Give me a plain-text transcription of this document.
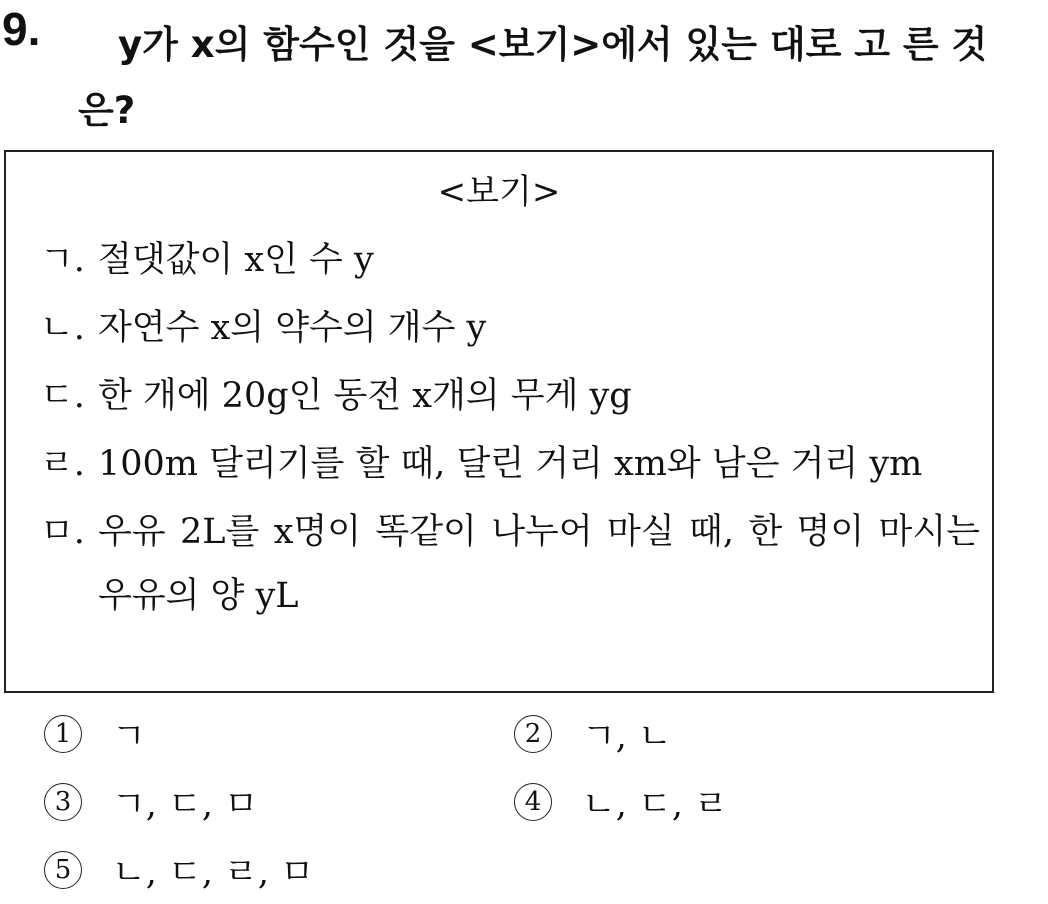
9.	y가 x의 함수인 것을 <보기>에서 있는 대로 고 른 것은?
<보기>
ㄱ. 절댓값이 x인 수 y
ㄴ. 자연수 x의 약수의 개수 y
ㄷ. 한 개에 20g인 동전 x개의 무게 yg
ㄹ. 100m 달리기를 할 때, 달린 거리 xm와 남은 거리 ym
ㅁ. 우유 2L를 x명이 똑같이 나누어 마실 때, 한 명이 마시는 우유의 양 yL
1	ㄱ	2	ㄱ, ㄴ
3	ㄱ, ㄷ, ㅁ	4	ㄴ, ㄷ, ㄹ
5	ㄴ, ㄷ, ㄹ, ㅁ
